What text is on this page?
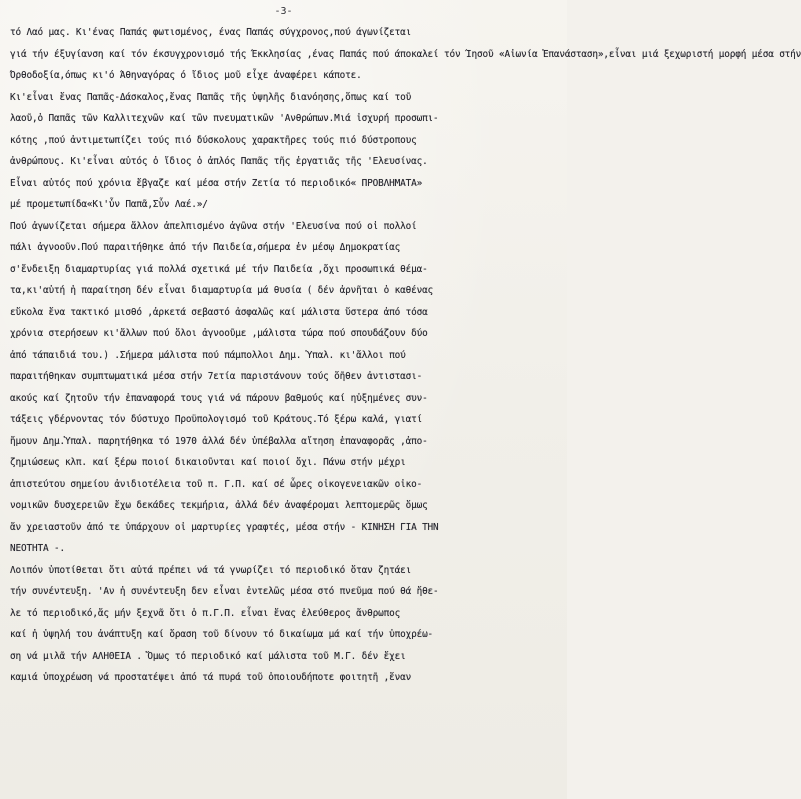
-3-
τό Λαό μας. Κι'ένας Παπάς φωτισμένος, ένας Παπάς σύγχρονος,πού άγωνίζεται
γιά τήν έξυγίανση καί τόν έκσυγχρονισμό τής Έκκλησίας ,ένας Παπάς πού άποκαλεί τόν Ίησοῦ «Αἰωνία Ἐπανάσταση»,εἶναι μιά ξεχωριστή μορφή μέσα στήν
Όρθοδοξία,όπως κι'ό Άθηναγόρας ό ἴδιος μοῦ εἶχε ἀναφέρει κάποτε.
Κι'εἶναι ἕνας Παπᾶς-Δάσκαλος,ἕνας Παπᾶς τῆς ὑψηλῆς διανόησης,ὅπως καί τοῦ
λαοῦ,ὁ Παπᾶς τῶν Καλλιτεχνῶν καί τῶν πνευματικῶν 'Ανθρώπων.Μιά ἰσχυρή προσωπι-
κότης ,πού ἀντιμετωπίζει τούς πιό δύσκολους χαρακτῆρες τούς πιό δύστροπους
ἀνθρώπους. Κι'εἶναι αὐτός ὁ ἴδιος ὁ ἁπλός Παπᾶς τῆς ἐργατιᾶς τῆς 'Ελευσίνας.
Εἶναι αὐτός πού χρόνια ἔβγαζε καί μέσα στήν Ζετία τό περιοδικό« ΠΡΟΒΛΗΜΑΤΑ»
μέ προμετωπίδα«Κι'ὖν Παπᾶ,Σὖν Λαέ.»/
Πού ἀγωνίζεται σήμερα ἄλλον ἀπελπισμένο ἀγῶνα στήν 'Ελευσίνα πού οἱ πολλοί
πάλι ἀγνοοῦν.Πού παραιτήθηκε ἀπό τήν Παιδεία,σήμερα ἐν μέσῳ Δημοκρατίας
σ'ἔνδειξη διαμαρτυρίας γιά πολλά σχετικά μέ τήν Παιδεία ,ὄχι προσωπικά θέμα-
τα,κι'αὐτή ἡ παραίτηση δέν εἶναι διαμαρτυρία μά θυσία ( δέν ἀρνῆται ὁ καθένας
εὔκολα ἕνα τακτικό μισθό ,ἀρκετά σεβαστό ἀσφαλῶς καί μάλιστα ὕστερα ἀπό τόσα
χρόνια στερήσεων κι'ἄλλων πού ὅλοι ἀγνοοῦμε ,μάλιστα τώρα πού σπουδάζουν δύο
ἀπό τάπαιδιά του.) .Σήμερα μάλιστα πού πάμπολλοι Δημ. Ὑπαλ. κι'ἄλλοι πού
παραιτήθηκαν συμπτωματικά μέσα στήν 7ετία παριστάνουν τούς ὅῆθεν ἀντιστασι-
ακούς καί ζητοῦν τήν ἐπαναφορά τους γιά νά πάρουν βαθμούς καί ηὐξημένες συν-
τάξεις γδέρνοντας τόν δύστυχο Προϋπολογισμό τοῦ Κράτους.Τό ξέρω καλά, γιατί
ἤμουν Δημ.Ὑπαλ. παρητήθηκα τό 1970 ἀλλά δέν ὑπέβαλλα αἴτηση ἐπαναφορᾶς ,ἀπο-
ζημιώσεως κλπ. καί ξέρω ποιοί δικαιοῦνται καί ποιοί ὄχι. Πάνω στήν μέχρι
ἀπιστεύτου σημείου ἀνιδιοτέλεια τοῦ π. Γ.Π. καί σέ ὧρες οἰκογενειακῶν οἰκο-
νομικῶν δυσχερειῶν ἔχω δεκάδες τεκμήρια, ἀλλά δέν ἀναφέρομαι λεπτομερῶς ὅμως
ἄν χρειαστοῦν ἀπό τε ὑπάρχουν οἱ μαρτυρίες γραφτές, μέσα στήν - ΚΙΝΗΣΗ ΓΙΑ ΤΗΝ
ΝΕΟΤΗΤΑ -.
Λοιπόν ὑποτίθεται ὅτι αὐτά πρέπει νά τά γνωρίζει τό περιοδικό ὅταν ζητάει
τήν συνέντευξη. 'Αν ἡ συνέντευξη δεν εἶναι ἐντελῶς μέσα στό πνεῦμα πού θά ἤθε-
λε τό περιοδικό,ἄς μήν ξεχνᾶ ὅτι ὁ π.Γ.Π. εἶναι ἕνας ἐλεύθερος ἄνθρωπος
καί ἡ ὑψηλή του ἀνάπτυξη καί ὅραση τοῦ δίνουν τό δικαίωμα μά καί τήν ὑποχρέω-
ση νά μιλᾶ τήν ΑΛΗΘΕΙΑ . Ὅμως τό περιοδικό καί μάλιστα τοῦ Μ.Γ. δέν ἔχει
καμιά ὑποχρέωση νά προστατέψει ἀπό τά πυρά τοῦ ὁποιουδήποτε φοιτητῆ ,ἕναν
